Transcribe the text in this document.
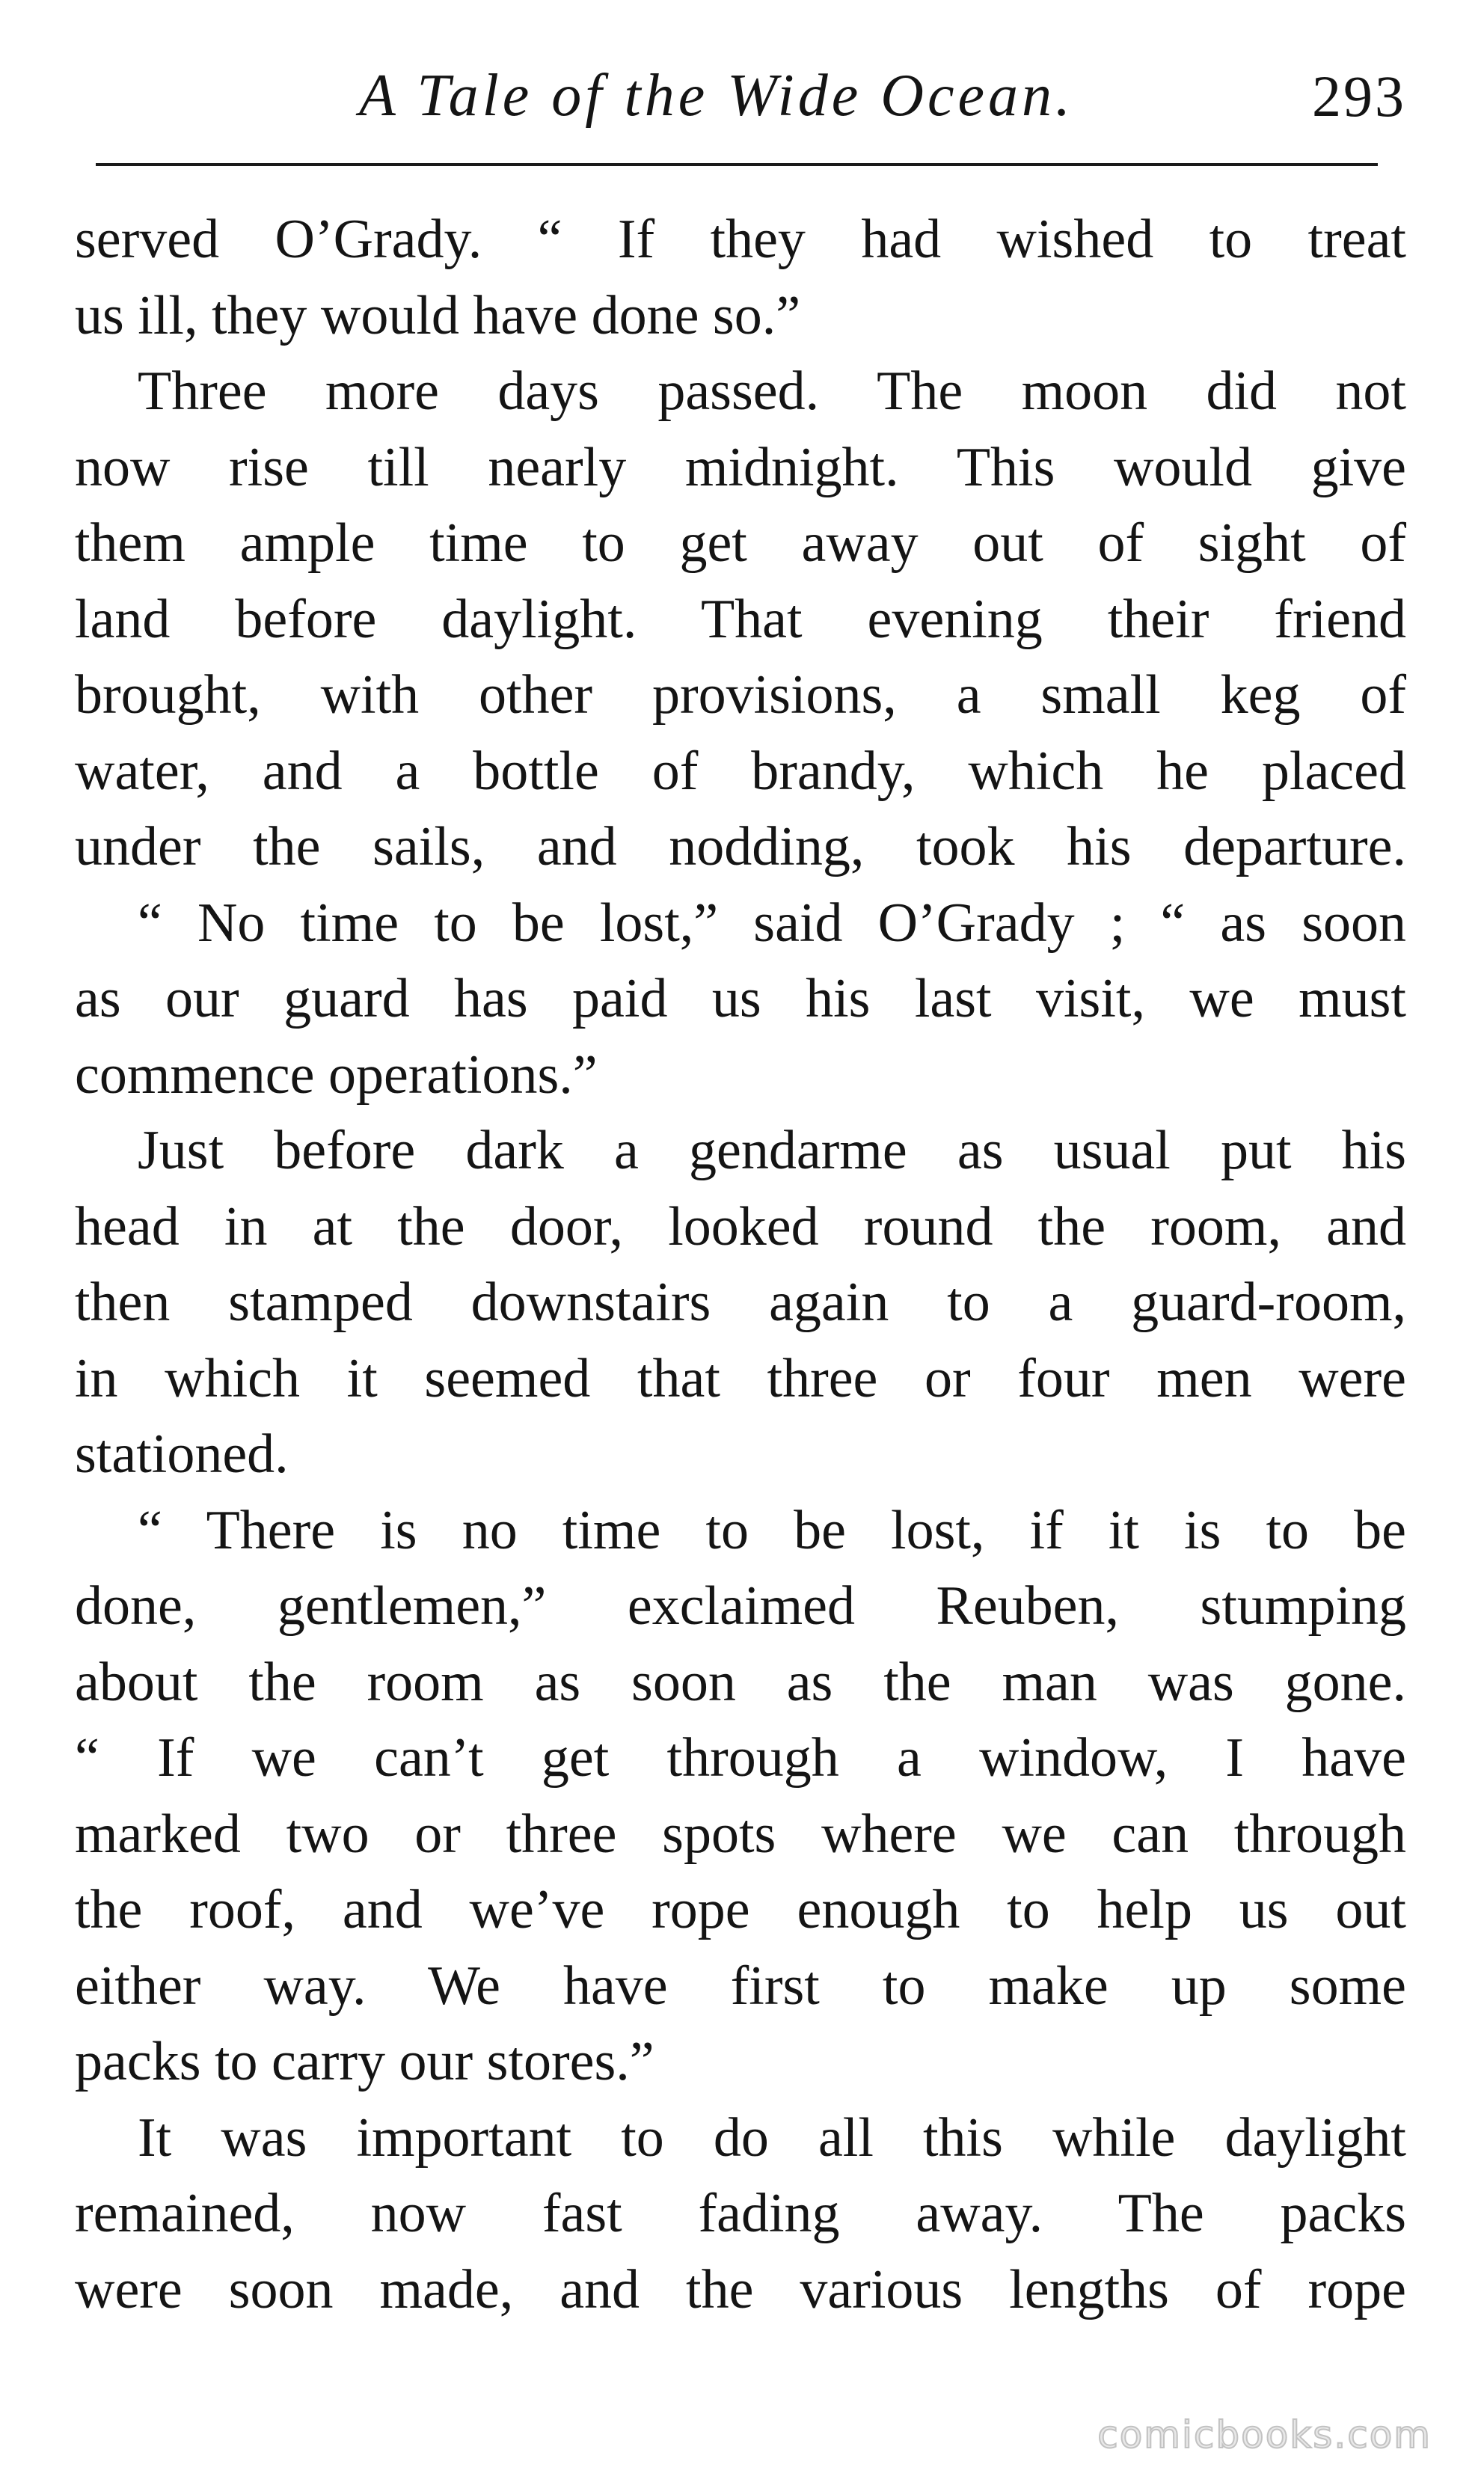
A Tale of the Wide Ocean.	293
served O’Grady. “ If they had wished to treat
us ill, they would have done so.”
Three more days passed. The moon did not
now rise till nearly midnight. This would give
them ample time to get away out of sight of
land before daylight. That evening their friend
brought, with other provisions, a small keg of
water, and a bottle of brandy, which he placed
under the sails, and nodding, took his departure.
“ No time to be lost,” said O’Grady ; “ as soon
as our guard has paid us his last visit, we must
commence operations.”
Just before dark a gendarme as usual put his
head in at the door, looked round the room, and
then stamped downstairs again to a guard-room,
in which it seemed that three or four men were
stationed.
“ There is no time to be lost, if it is to be
done, gentlemen,” exclaimed Reuben, stumping
about the room as soon as the man was gone.
“ If we can’t get through a window, I have
marked two or three spots where we can through
the roof, and we’ve rope enough to help us out
either way. We have first to make up some
packs to carry our stores.”
It was important to do all this while daylight
remained, now fast fading away. The packs
were soon made, and the various lengths of rope
comicbooks.com
